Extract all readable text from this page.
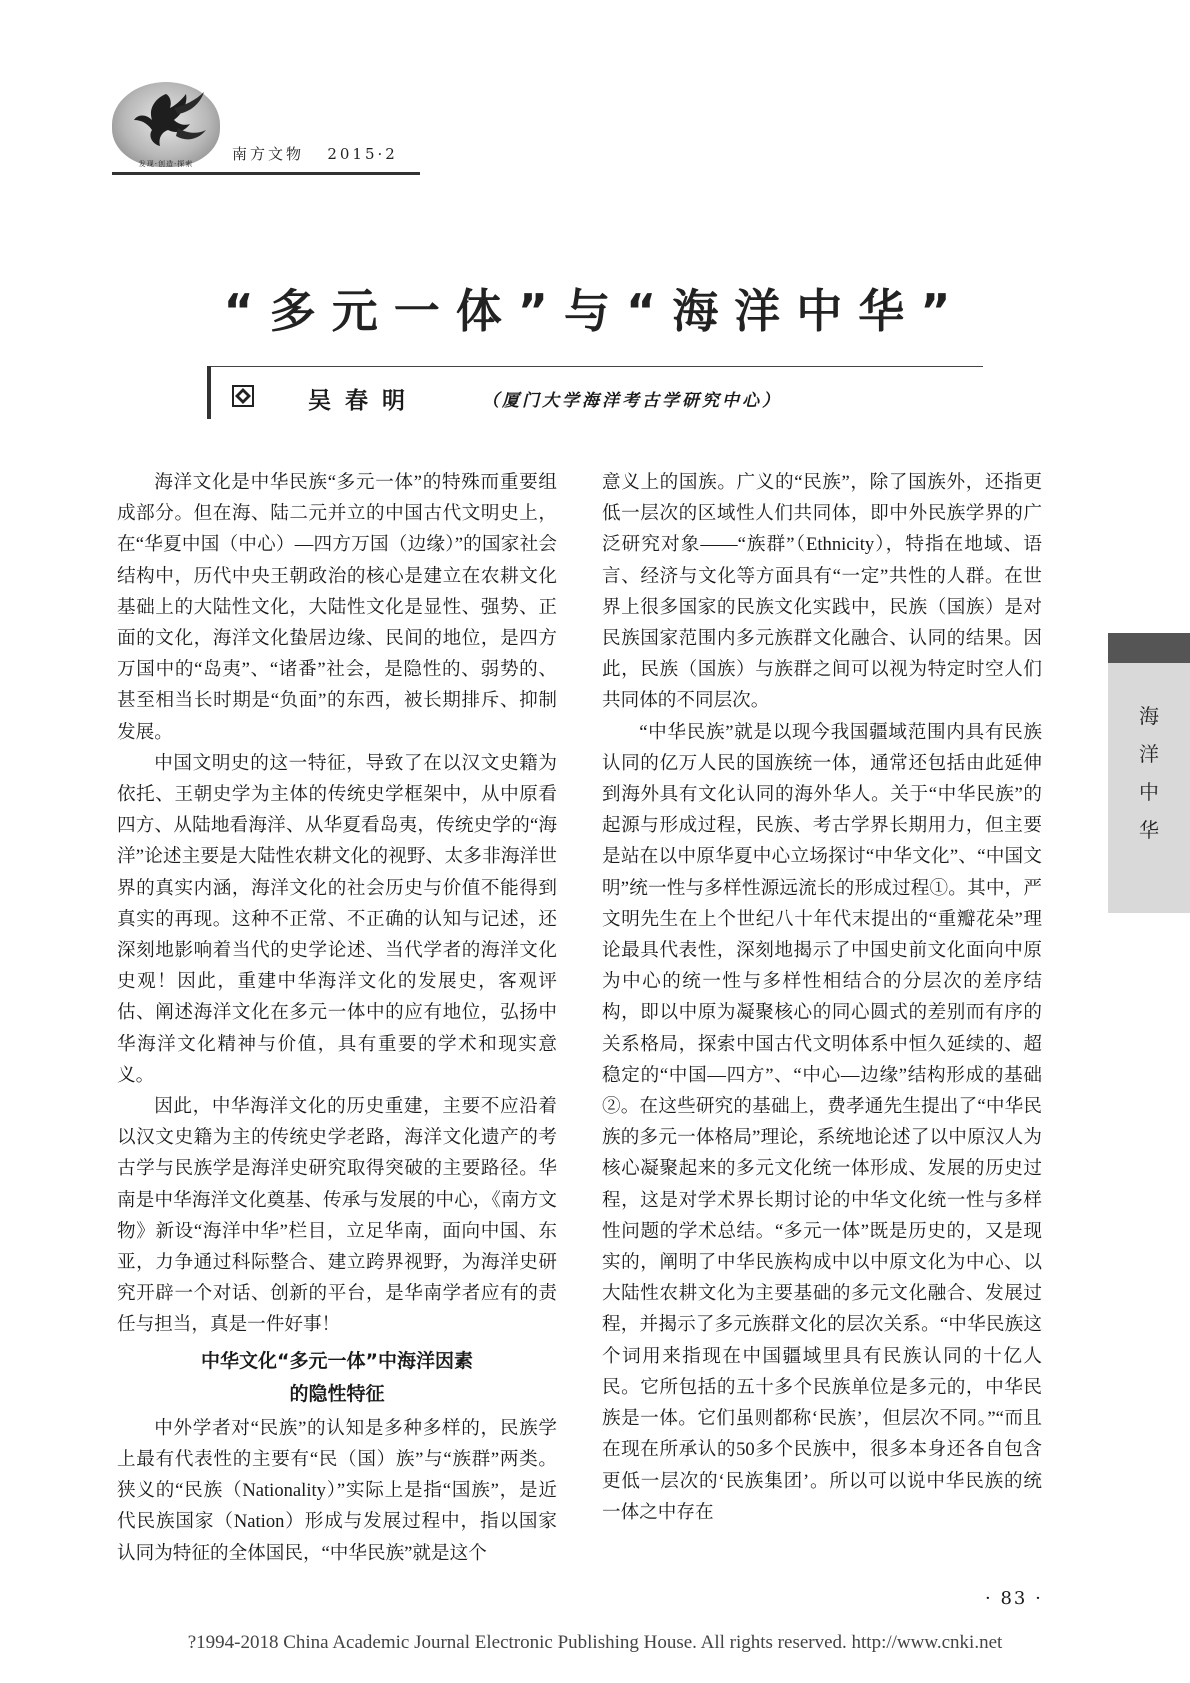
发现·创造·探索
南方文物 2015·2
“多元一体”与“海洋中华”
吴春明	（厦门大学海洋考古学研究中心）

海洋文化是中华民族“多元一体”的特殊而重要组成部分。但在海、陆二元并立的中国古代文明史上，在“华夏中国（中心）—四方万国（边缘）”的国家社会结构中，历代中央王朝政治的核心是建立在农耕文化基础上的大陆性文化，大陆性文化是显性、强势、正面的文化，海洋文化蛰居边缘、民间的地位，是四方万国中的“岛夷”、“诸番”社会，是隐性的、弱势的、甚至相当长时期是“负面”的东西，被长期排斥、抑制发展。

中国文明史的这一特征，导致了在以汉文史籍为依托、王朝史学为主体的传统史学框架中，从中原看四方、从陆地看海洋、从华夏看岛夷，传统史学的“海洋”论述主要是大陆性农耕文化的视野、太多非海洋世界的真实内涵，海洋文化的社会历史与价值不能得到真实的再现。这种不正常、不正确的认知与记述，还深刻地影响着当代的史学论述、当代学者的海洋文化史观！因此，重建中华海洋文化的发展史，客观评估、阐述海洋文化在多元一体中的应有地位，弘扬中华海洋文化精神与价值，具有重要的学术和现实意义。

因此，中华海洋文化的历史重建，主要不应沿着以汉文史籍为主的传统史学老路，海洋文化遗产的考古学与民族学是海洋史研究取得突破的主要路径。华南是中华海洋文化奠基、传承与发展的中心，《南方文物》新设“海洋中华”栏目，立足华南，面向中国、东亚，力争通过科际整合、建立跨界视野，为海洋史研究开辟一个对话、创新的平台，是华南学者应有的责任与担当，真是一件好事！

中华文化“多元一体”中海洋因素
的隐性特征

中外学者对“民族”的认知是多种多样的，民族学上最有代表性的主要有“民（国）族”与“族群”两类。狭义的“民族（Nationality）”实际上是指“国族”，是近代民族国家（Nation）形成与发展过程中，指以国家认同为特征的全体国民，“中华民族”就是这个

意义上的国族。广义的“民族”，除了国族外，还指更低一层次的区域性人们共同体，即中外民族学界的广泛研究对象——“族群”（Ethnicity），特指在地域、语言、经济与文化等方面具有“一定”共性的人群。在世界上很多国家的民族文化实践中，民族（国族）是对民族国家范围内多元族群文化融合、认同的结果。因此，民族（国族）与族群之间可以视为特定时空人们共同体的不同层次。

“中华民族”就是以现今我国疆域范围内具有民族认同的亿万人民的国族统一体，通常还包括由此延伸到海外具有文化认同的海外华人。关于“中华民族”的起源与形成过程，民族、考古学界长期用力，但主要是站在以中原华夏中心立场探讨“中华文化”、“中国文明”统一性与多样性源远流长的形成过程①。其中，严文明先生在上个世纪八十年代末提出的“重瓣花朵”理论最具代表性，深刻地揭示了中国史前文化面向中原为中心的统一性与多样性相结合的分层次的差序结构，即以中原为凝聚核心的同心圆式的差别而有序的关系格局，探索中国古代文明体系中恒久延续的、超稳定的“中国—四方”、“中心—边缘”结构形成的基础②。在这些研究的基础上，费孝通先生提出了“中华民族的多元一体格局”理论，系统地论述了以中原汉人为核心凝聚起来的多元文化统一体形成、发展的历史过程，这是对学术界长期讨论的中华文化统一性与多样性问题的学术总结。“多元一体”既是历史的，又是现实的，阐明了中华民族构成中以中原文化为中心、以大陆性农耕文化为主要基础的多元文化融合、发展过程，并揭示了多元族群文化的层次关系。“中华民族这个词用来指现在中国疆域里具有民族认同的十亿人民。它所包括的五十多个民族单位是多元的，中华民族是一体。它们虽则都称‘民族’，但层次不同。”“而且在现在所承认的50多个民族中，很多本身还各自包含更低一层次的‘民族集团’。所以可以说中华民族的统一体之中存在

海
洋
中
华
· 83 ·
?1994-2018 China Academic Journal Electronic Publishing House. All rights reserved. http://www.cnki.net
